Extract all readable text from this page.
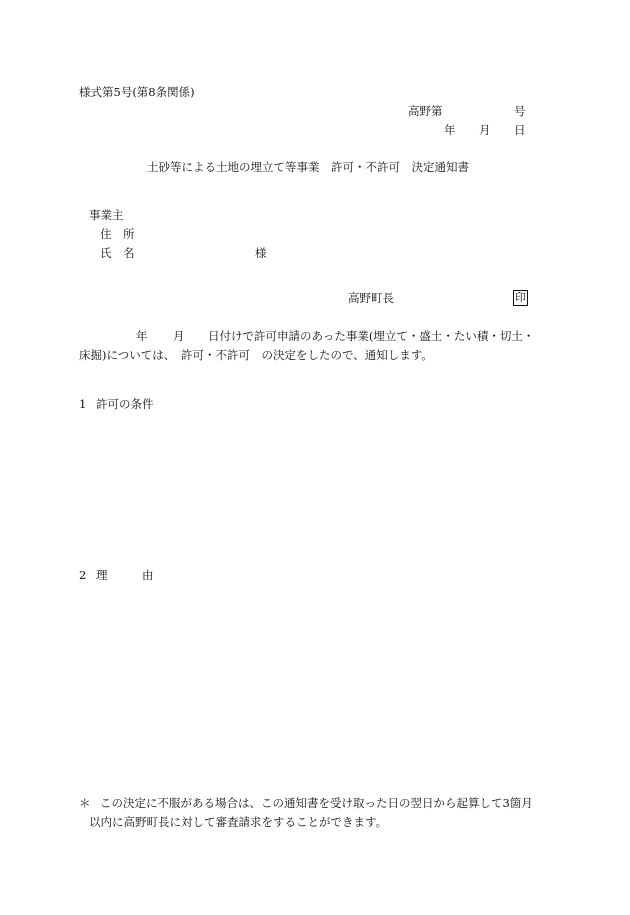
様式第5号(第8条関係)
高野第	号
年 月 日
土砂等による土地の埋立て等事業　許可・不許可　決定通知書
事業主
住　所
氏　名	様
高野町長	印
年 月 日付けで許可申請のあった事業(埋立て・盛土・たい積・切土・
床掘)については、　許可・不許可　の決定をしたので、通知します。
1 許可の条件
2 理　　　由
＊ この決定に不服がある場合は、この通知書を受け取った日の翌日から起算して3箇月
以内に高野町長に対して審査請求をすることができます。
